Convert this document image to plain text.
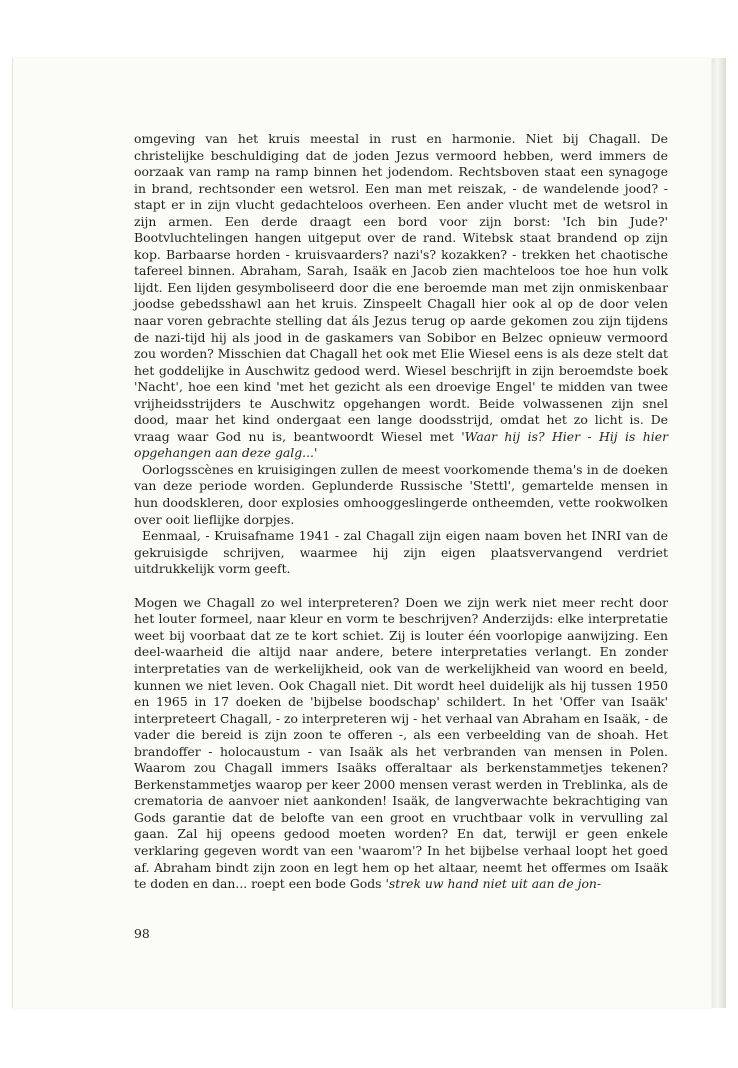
omgeving van het kruis meestal in rust en harmonie. Niet bij Chagall. De christelijke beschuldiging dat de joden Jezus vermoord hebben, werd immers de oorzaak van ramp na ramp binnen het jodendom. Rechtsboven staat een synagoge in brand, rechtsonder een wetsrol. Een man met reiszak, - de wandelende jood? - stapt er in zijn vlucht gedachteloos overheen. Een ander vlucht met de wetsrol in zijn armen. Een derde draagt een bord voor zijn borst: 'Ich bin Jude?' Bootvluchtelingen hangen uitgeput over de rand. Witebsk staat brandend op zijn kop. Barbaarse horden - kruisvaarders? nazi's? kozakken? - trekken het chaotische tafereel binnen. Abraham, Sarah, Isaäk en Jacob zien machteloos toe hoe hun volk lijdt. Een lijden gesymboliseerd door die ene beroemde man met zijn onmiskenbaar joodse gebedsshawl aan het kruis. Zinspeelt Chagall hier ook al op de door velen naar voren gebrachte stelling dat áls Jezus terug op aarde gekomen zou zijn tijdens de nazi-tijd hij als jood in de gaskamers van Sobibor en Belzec opnieuw vermoord zou worden? Misschien dat Chagall het ook met Elie Wiesel eens is als deze stelt dat het goddelijke in Auschwitz gedood werd. Wiesel beschrijft in zijn beroemdste boek 'Nacht', hoe een kind 'met het gezicht als een droevige Engel' te midden van twee vrijheidsstrijders te Auschwitz opgehangen wordt. Beide volwassenen zijn snel dood, maar het kind ondergaat een lange doodsstrijd, omdat het zo licht is. De vraag waar God nu is, beantwoordt Wiesel met 'Waar hij is? Hier - Hij is hier opgehangen aan deze galg...'

Oorlogsscènes en kruisigingen zullen de meest voorkomende thema's in de doeken van deze periode worden. Geplunderde Russische 'Stettl', gemartelde mensen in hun doodskleren, door explosies omhooggeslingerde ontheemden, vette rookwolken over ooit lieflijke dorpjes.

Eenmaal, - Kruisafname 1941 - zal Chagall zijn eigen naam boven het INRI van de gekruisigde schrijven, waarmee hij zijn eigen plaatsvervangend verdriet uitdrukkelijk vorm geeft.

Mogen we Chagall zo wel interpreteren? Doen we zijn werk niet meer recht door het louter formeel, naar kleur en vorm te beschrijven? Anderzijds: elke interpretatie weet bij voorbaat dat ze te kort schiet. Zij is louter één voorlopige aanwijzing. Een deel-waarheid die altijd naar andere, betere interpretaties verlangt. En zonder interpretaties van de werkelijkheid, ook van de werkelijkheid van woord en beeld, kunnen we niet leven. Ook Chagall niet. Dit wordt heel duidelijk als hij tussen 1950 en 1965 in 17 doeken de 'bijbelse boodschap' schildert. In het 'Offer van Isaäk' interpreteert Chagall, - zo interpreteren wij - het verhaal van Abraham en Isaäk, - de vader die bereid is zijn zoon te offeren -, als een verbeelding van de shoah. Het brandoffer - holocaustum - van Isaäk als het verbranden van mensen in Polen. Waarom zou Chagall immers Isaäks offeraltaar als berkenstammetjes tekenen? Berkenstammetjes waarop per keer 2000 mensen verast werden in Treblinka, als de crematoria de aanvoer niet aankonden! Isaäk, de langverwachte bekrachtiging van Gods garantie dat de belofte van een groot en vruchtbaar volk in vervulling zal gaan. Zal hij opeens gedood moeten worden? En dat, terwijl er geen enkele verklaring gegeven wordt van een 'waarom'? In het bijbelse verhaal loopt het goed af. Abraham bindt zijn zoon en legt hem op het altaar, neemt het offermes om Isaäk te doden en dan... roept een bode Gods 'strek uw hand niet uit aan de jon-

98
